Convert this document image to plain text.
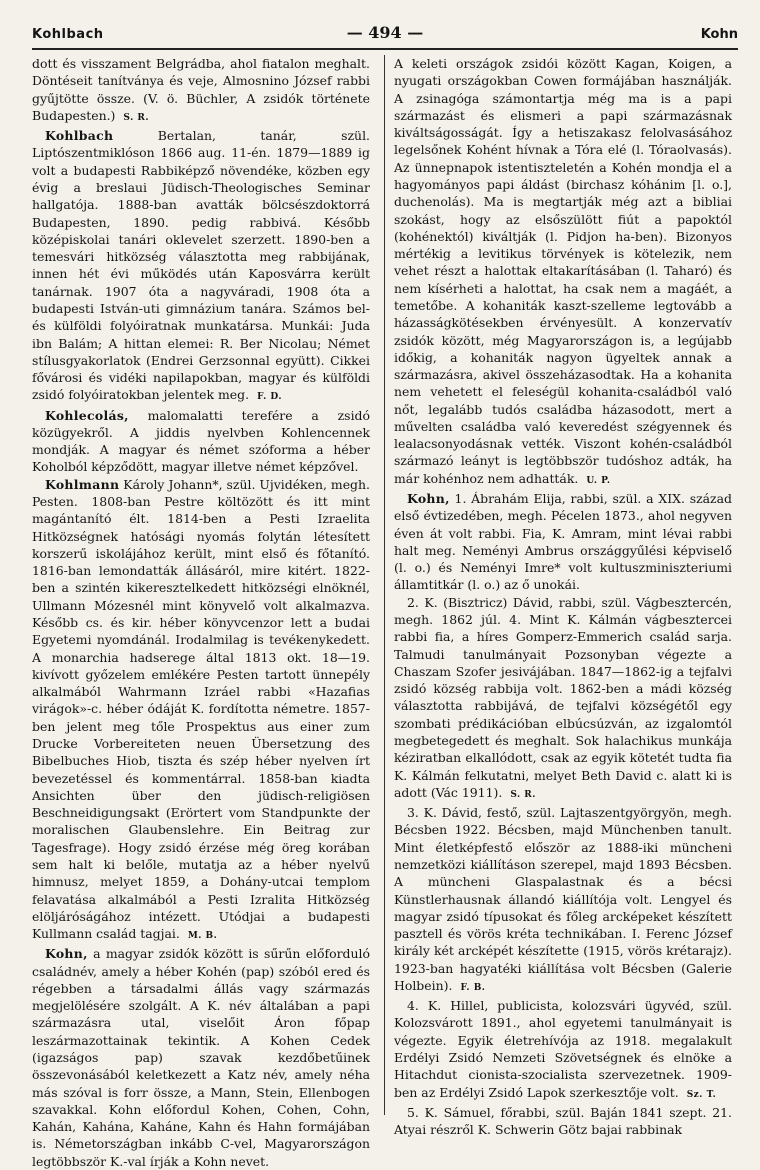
Kohlbach	— 494 —	Kohn

dott és visszament Belgrádba, ahol fiatalon meghalt. Döntéseit tanítványa és veje, Almosnino József rabbi gyűjtötte össze. (V. ö. Büchler, A zsidók története Budapesten.) S. R.

Kohlbach Bertalan, tanár, szül. Liptószentmiklóson 1866 aug. 11-én. 1879—1889 ig volt a budapesti Rabbiképző növendéke, közben egy évig a breslaui Jüdisch-Theologisches Seminar hallgatója. 1888-ban avatták bölcsészdoktorrá Budapesten, 1890. pedig rabbivá. Később középiskolai tanári oklevelet szerzett. 1890-ben a temesvári hitközség választotta meg rabbijának, innen hét évi működés után Kaposvárra került tanárnak. 1907 óta a nagyváradi, 1908 óta a budapesti István-uti gimnázium tanára. Számos bel- és külföldi folyóiratnak munkatársa. Munkái: Juda ibn Balám; A hittan elemei: R. Ber Nicolau; Német stílusgyakorlatok (Endrei Gerzsonnal együtt). Cikkei fővárosi és vidéki napilapokban, magyar és külföldi zsidó folyóiratokban jelentek meg. F. D.

Kohlecolás, malomalatti terefére a zsidó közügyekről. A jiddis nyelvben Kohlencennek mondják. A magyar és német szóforma a héber Koholból képződött, magyar illetve német képzővel.

Kohlmann Károly Johann*, szül. Ujvidéken, megh. Pesten. 1808-ban Pestre költözött és itt mint magántanító élt. 1814-ben a Pesti Izraelita Hitközségnek hatósági nyomás folytán létesített korszerű iskolájához került, mint első és főtanító. 1816-ban lemondatták állásáról, mire kitért. 1822-ben a szintén kikeresztelkedett hitközségi elnöknél, Ullmann Mózesnél mint könyvelő volt alkalmazva. Később cs. és kir. héber könyvcenzor lett a budai Egyetemi nyomdánál. Irodalmilag is tevékenykedett. A monarchia hadserege által 1813 okt. 18—19. kivívott győzelem emlékére Pesten tartott ünnepély alkalmából Wahrmann Izráel rabbi «Hazafias virágok»-c. héber ódáját K. fordította németre. 1857-ben jelent meg tőle Prospektus aus einer zum Drucke Vorbereiteten neuen Übersetzung des Bibelbuches Hiob, tiszta és szép héber nyelven írt bevezetéssel és kommentárral. 1858-ban kiadta Ansichten über den jüdisch-religiösen Beschneidigungsakt (Erörtert vom Standpunkte der moralischen Glaubenslehre. Ein Beitrag zur Tagesfrage). Hogy zsidó érzése még öreg korában sem halt ki belőle, mutatja az a héber nyelvű himnusz, melyet 1859, a Dohány-utcai templom felavatása alkalmából a Pesti Izralita Hitközség elöljáróságához intézett. Utódjai a budapesti Kullmann család tagjai. M. B.

Kohn, a magyar zsidók között is sűrűn előforduló családnév, amely a héber Kohén (pap) szóból ered és régebben a társadalmi állás vagy származás megjelölésére szolgált. A K. név általában a papi származásra utal, viselőit Áron főpap leszármazottainak tekintik. A Kohen Cedek (igazságos pap) szavak kezdőbetűinek összevonásából keletkezett a Katz név, amely néha más szóval is forr össze, a Mann, Stein, Ellenbogen szavakkal. Kohn előfordul Kohen, Cohen, Cohn, Kahán, Kahána, Kaháne, Kahn és Hahn formájában is. Németországban inkább C-vel, Magyarországon legtöbbször K.-val írják a Kohn nevet.

A keleti országok zsidói között Kagan, Koigen, a nyugati országokban Cowen formájában használják. A zsinagóga számontartja még ma is a papi származást és elismeri a papi származásnak kiváltságosságát. Így a hetiszakasz felolvasásához legelsőnek Kohént hívnak a Tóra elé (l. Tóraolvasás). Az ünnepnapok istentiszteletén a Kohén mondja el a hagyományos papi áldást (birchasz kóhánim [l. o.], duchenolás). Ma is megtartják még azt a bibliai szokást, hogy az elsőszülött fiút a papoktól (kohénektól) kiváltják (l. Pidjon ha-ben). Bizonyos mértékig a levitikus törvények is kötelezik, nem vehet részt a halottak eltakarításában (l. Taharó) és nem kísérheti a halottat, ha csak nem a magáét, a temetőbe. A kohaniták kaszt-szelleme legtovább a házasságkötésekben érvényesült. A konzervatív zsidók között, még Magyarországon is, a legújabb időkig, a kohaniták nagyon ügyeltek annak a származásra, akivel összeházasodtak. Ha a kohanita nem vehetett el feleségül kohanita-családból való nőt, legalább tudós családba házasodott, mert a művelten családba való keveredést szégyennek és lealacsonyodásnak vették. Viszont kohén-családból származó leányt is legtöbbször tudóshoz adták, ha már kohénhoz nem adhatták. U. P.

Kohn, 1. Ábrahám Elija, rabbi, szül. a XIX. század első évtizedében, megh. Pécelen 1873., ahol negyven éven át volt rabbi. Fia, K. Amram, mint lévai rabbi halt meg. Neményi Ambrus országgyűlési képviselő (l. o.) és Neményi Imre* volt kultuszminiszteriumi államtitkár (l. o.) az ő unokái.

2. K. (Bisztricz) Dávid, rabbi, szül. Vágbesztercén, megh. 1862 júl. 4. Mint K. Kálmán vágbesztercei rabbi fia, a híres Gomperz-Emmerich család sarja. Talmudi tanulmányait Pozsonyban végezte a Chaszam Szofer jesivájában. 1847—1862-ig a tejfalvi zsidó község rabbija volt. 1862-ben a mádi község választotta rabbijává, de tejfalvi községétől egy szombati prédikációban elbúcsúzván, az izgalomtól megbetegedett és meghalt. Sok halachikus munkája kéziratban elkallódott, csak az egyik kötetét tudta fia K. Kálmán felkutatni, melyet Beth David c. alatt ki is adott (Vác 1911). S. R.

3. K. Dávid, festő, szül. Lajtaszentgyörgyön, megh. Bécsben 1922. Bécsben, majd Münchenben tanult. Mint életképfestő először az 1888-iki müncheni nemzetközi kiállításon szerepel, majd 1893 Bécsben. A müncheni Glaspalastnak és a bécsi Künstlerhausnak állandó kiállítója volt. Lengyel és magyar zsidó típusokat és főleg arcképeket készített pasztell és vörös kréta technikában. I. Ferenc József király két arcképét készítette (1915, vörös krétarajz). 1923-ban hagyatéki kiállítása volt Bécsben (Galerie Holbein). F. B.

4. K. Hillel, publicista, kolozsvári ügyvéd, szül. Kolozsvárott 1891., ahol egyetemi tanulmányait is végezte. Egyik életrehívója az 1918. megalakult Erdélyi Zsidó Nemzeti Szövetségnek és elnöke a Hitachdut cionista-szocialista szervezetnek. 1909-ben az Erdélyi Zsidó Lapok szerkesztője volt. Sz. T.

5. K. Sámuel, főrabbi, szül. Baján 1841 szept. 21. Atyai részről K. Schwerin Götz bajai rabbinak
